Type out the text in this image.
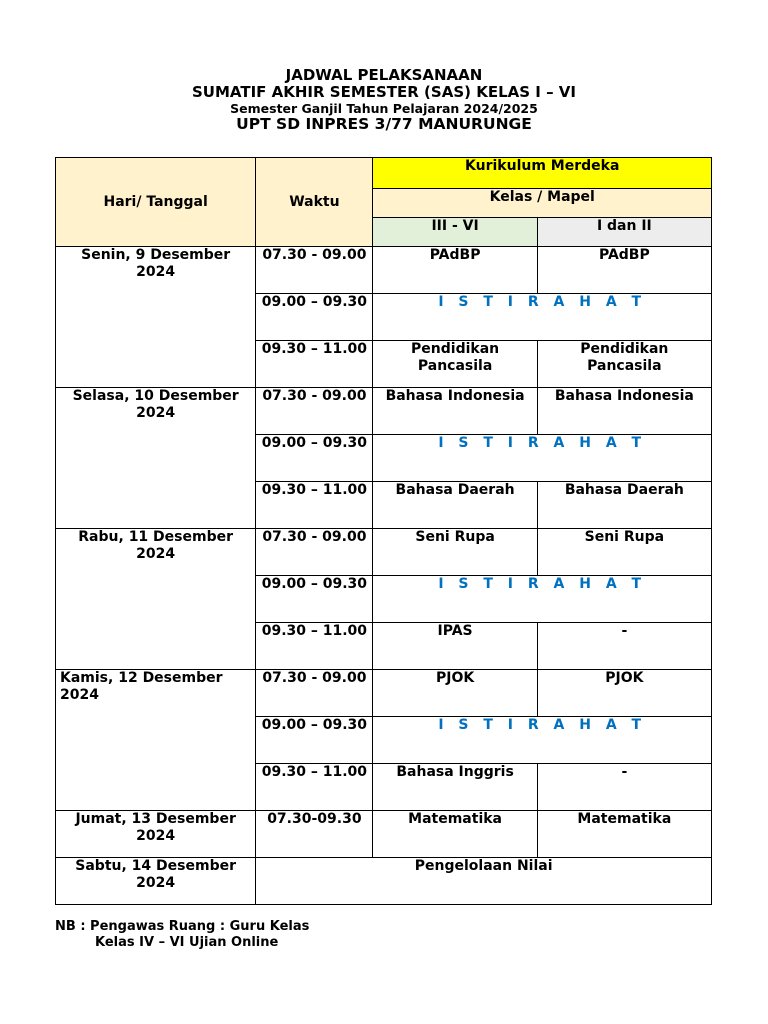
JADWAL PELAKSANAAN
SUMATIF AKHIR SEMESTER (SAS) KELAS I – VI
Semester Ganjil Tahun Pelajaran 2024/2025
UPT SD INPRES 3/77 MANURUNGE
Hari/ Tanggal	Waktu	Kurikulum Merdeka	
		Kelas / Mapel	
		III - VI	I dan II
Senin, 9 Desember 2024	07.30 - 09.00	PAdBP	PAdBP
	09.00 – 09.30	I S T I R A H A T	
	09.30 – 11.00	Pendidikan Pancasila	Pendidikan Pancasila
Selasa, 10 Desember 2024	07.30 - 09.00	Bahasa Indonesia	Bahasa Indonesia
	09.00 – 09.30	I S T I R A H A T	
	09.30 – 11.00	Bahasa Daerah	Bahasa Daerah
Rabu, 11 Desember 2024	07.30 - 09.00	Seni Rupa	Seni Rupa
	09.00 – 09.30	I S T I R A H A T	
	09.30 – 11.00	IPAS	-
Kamis, 12 Desember 2024	07.30 - 09.00	PJOK	PJOK
	09.00 – 09.30	I S T I R A H A T	
	09.30 – 11.00	Bahasa Inggris	-
Jumat, 13 Desember 2024	07.30-09.30	Matematika	Matematika
Sabtu, 14 Desember 2024	Pengelolaan Nilai		
NB : Pengawas Ruang : Guru Kelas
Kelas IV – VI Ujian Online
